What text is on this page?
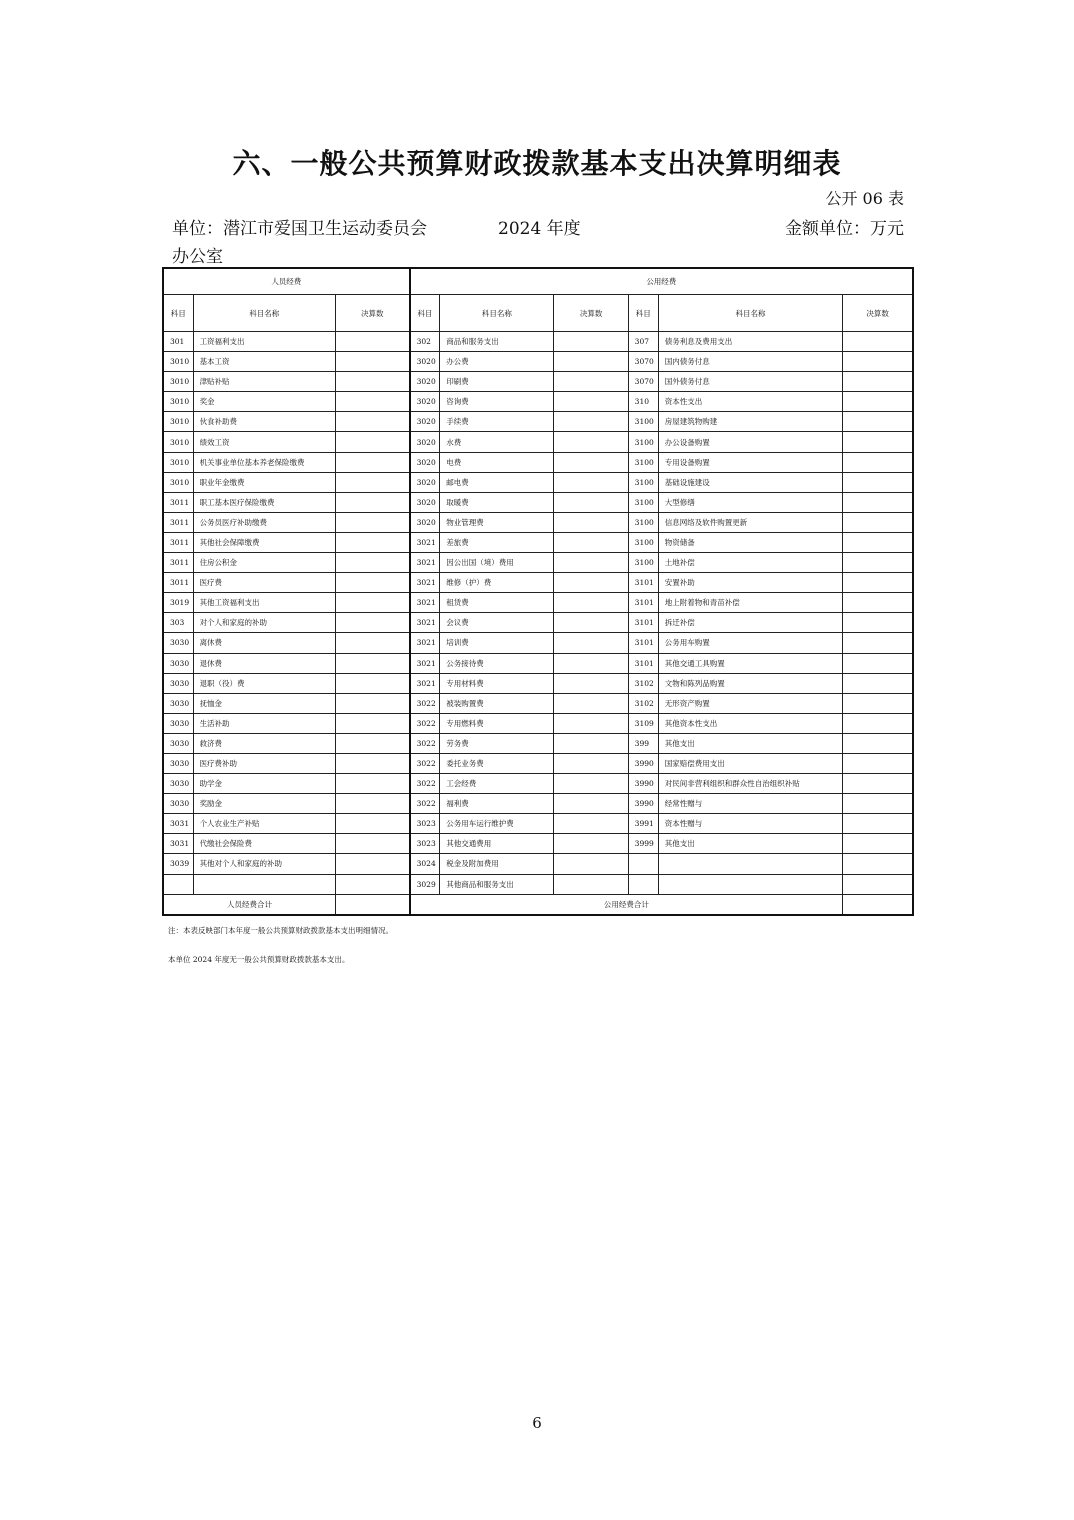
六、一般公共预算财政拨款基本支出决算明细表
公开 06 表
单位：潜江市爱国卫生运动委员会
办公室
2024 年度	金额单位：万元
人员经费			公用经费					
科目	科目名称	决算数	科目	科目名称	决算数	科目	科目名称	决算数
301	工资福利支出		302	商品和服务支出		307	债务利息及费用支出	
3010	基本工资		3020	办公费		3070	国内债务付息	
3010	津贴补贴		3020	印刷费		3070	国外债务付息	
3010	奖金		3020	咨询费		310	资本性支出	
3010	伙食补助费		3020	手续费		3100	房屋建筑物购建	
3010	绩效工资		3020	水费		3100	办公设备购置	
3010	机关事业单位基本养老保险缴费		3020	电费		3100	专用设备购置	
3010	职业年金缴费		3020	邮电费		3100	基础设施建设	
3011	职工基本医疗保险缴费		3020	取暖费		3100	大型修缮	
3011	公务员医疗补助缴费		3020	物业管理费		3100	信息网络及软件购置更新	
3011	其他社会保障缴费		3021	差旅费		3100	物资储备	
3011	住房公积金		3021	因公出国（境）费用		3100	土地补偿	
3011	医疗费		3021	维修（护）费		3101	安置补助	
3019	其他工资福利支出		3021	租赁费		3101	地上附着物和青苗补偿	
303	对个人和家庭的补助		3021	会议费		3101	拆迁补偿	
3030	离休费		3021	培训费		3101	公务用车购置	
3030	退休费		3021	公务接待费		3101	其他交通工具购置	
3030	退职（役）费		3021	专用材料费		3102	文物和陈列品购置	
3030	抚恤金		3022	被装购置费		3102	无形资产购置	
3030	生活补助		3022	专用燃料费		3109	其他资本性支出	
3030	救济费		3022	劳务费		399	其他支出	
3030	医疗费补助		3022	委托业务费		3990	国家赔偿费用支出	
3030	助学金		3022	工会经费		3990	对民间非营利组织和群众性自治组织补贴	
3030	奖励金		3022	福利费		3990	经常性赠与	
3031	个人农业生产补贴		3023	公务用车运行维护费		3991	资本性赠与	
3031	代缴社会保险费		3023	其他交通费用		3999	其他支出	
3039	其他对个人和家庭的补助		3024	税金及附加费用				
			3029	其他商品和服务支出				
人员经费合计			公用经费合计					
注：本表反映部门本年度一般公共预算财政拨款基本支出明细情况。
本单位 2024 年度无一般公共预算财政拨款基本支出。
6
